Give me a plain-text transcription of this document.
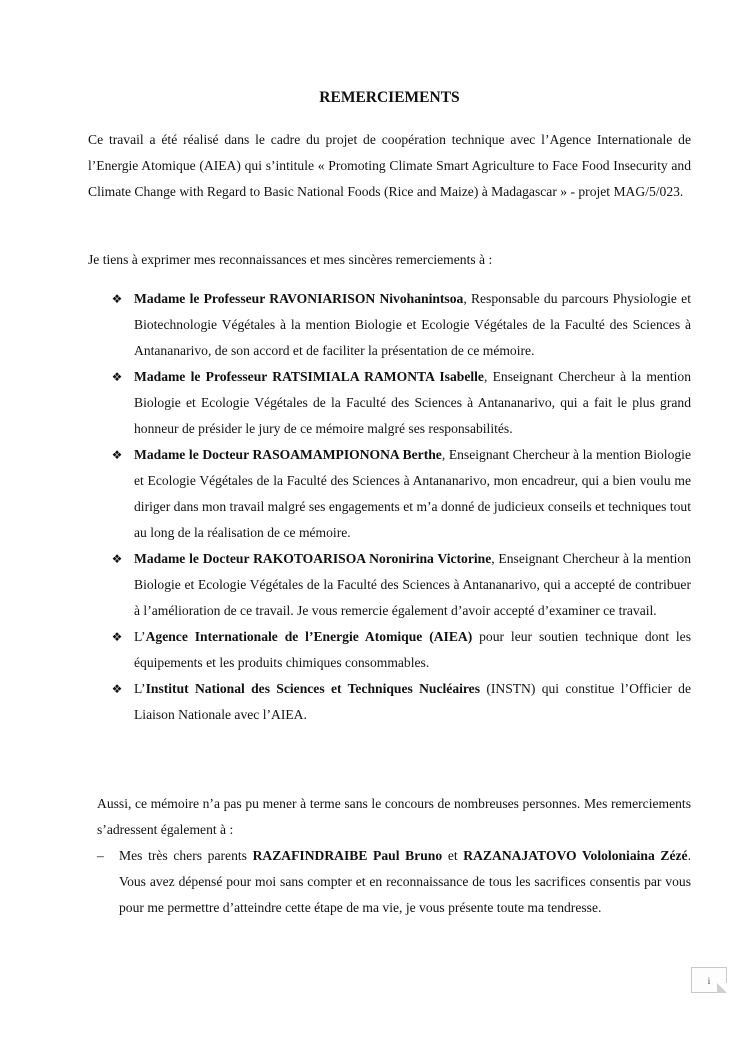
REMERCIEMENTS

Ce travail a été réalisé dans le cadre du projet de coopération technique avec l’Agence Internationale de l’Energie Atomique (AIEA) qui s’intitule « Promoting Climate Smart Agriculture to Face Food Insecurity and Climate Change with Regard to Basic National Foods (Rice and Maize) à Madagascar » - projet MAG/5/023.

Je tiens à exprimer mes reconnaissances et mes sincères remerciements à :

❖ Madame le Professeur RAVONIARISON Nivohanintsoa, Responsable du parcours Physiologie et Biotechnologie Végétales à la mention Biologie et Ecologie Végétales de la Faculté des Sciences à Antananarivo, de son accord et de faciliter la présentation de ce mémoire.
❖ Madame le Professeur RATSIMIALA RAMONTA Isabelle, Enseignant Chercheur à la mention Biologie et Ecologie Végétales de la Faculté des Sciences à Antananarivo, qui a fait le plus grand honneur de présider le jury de ce mémoire malgré ses responsabilités.
❖ Madame le Docteur RASOAMAMPIONONA Berthe, Enseignant Chercheur à la mention Biologie et Ecologie Végétales de la Faculté des Sciences à Antananarivo, mon encadreur, qui a bien voulu me diriger dans mon travail malgré ses engagements et m’a donné de judicieux conseils et techniques tout au long de la réalisation de ce mémoire.
❖ Madame le Docteur RAKOTOARISOA Noronirina Victorine, Enseignant Chercheur à la mention Biologie et Ecologie Végétales de la Faculté des Sciences à Antananarivo, qui a accepté de contribuer à l’amélioration de ce travail. Je vous remercie également d’avoir accepté d’examiner ce travail.
❖ L’Agence Internationale de l’Energie Atomique (AIEA) pour leur soutien technique dont les équipements et les produits chimiques consommables.
❖ L’Institut National des Sciences et Techniques Nucléaires (INSTN) qui constitue l’Officier de Liaison Nationale avec l’AIEA.

Aussi, ce mémoire n’a pas pu mener à terme sans le concours de nombreuses personnes. Mes remerciements s’adressent également à :

– Mes très chers parents RAZAFINDRAIBE Paul Bruno et RAZANAJATOVO Vololoniaina Zézé. Vous avez dépensé pour moi sans compter et en reconnaissance de tous les sacrifices consentis par vous pour me permettre d’atteindre cette étape de ma vie, je vous présente toute ma tendresse.
i
